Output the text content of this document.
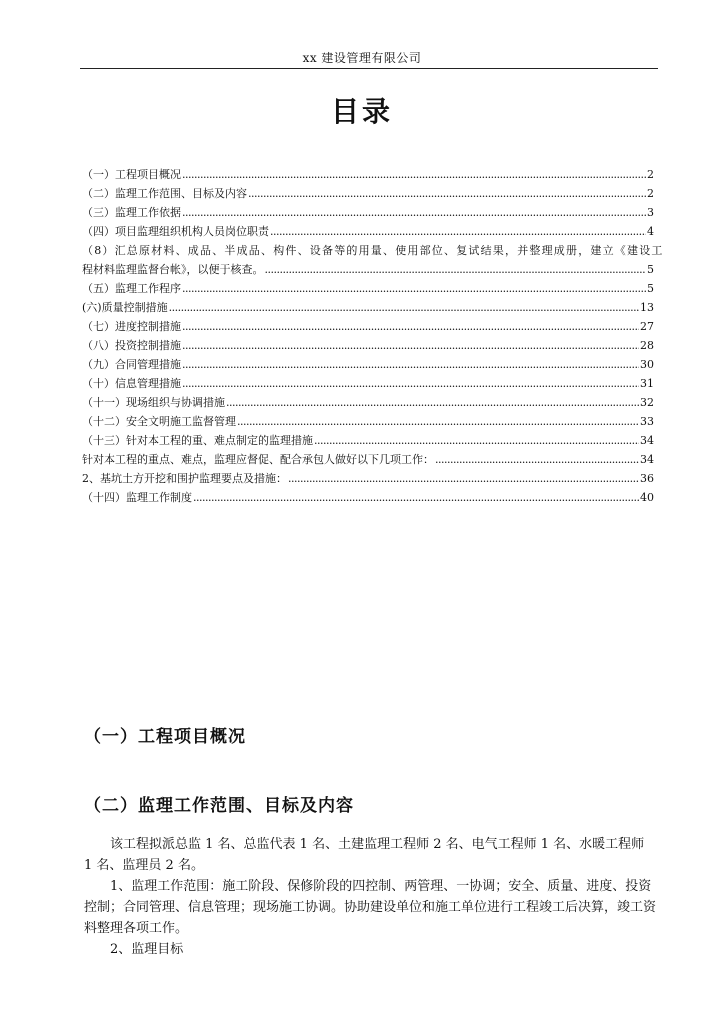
xx 建设管理有限公司
目录
（一）工程项目概况 .....	2
（二）监理工作范围、目标及内容 .....	2
（三）监理工作依据 .....	3
（四）项目监理组织机构人员岗位职责 .....	4
（8）汇总原材料、成品、半成品、构件、设备等的用量、使用部位、复试结果，并整理成册，建立《建设工
程材料监理监督台帐》，以便于核查。 .....	5
（五）监理工作程序 .....	5
(六)质量控制措施 .....	13
（七）进度控制措施 .....	27
（八）投资控制措施 .....	28
（九）合同管理措施 .....	30
（十）信息管理措施 .....	31
（十一）现场组织与协调措施 .....	32
（十二）安全文明施工监督管理 .....	33
（十三）针对本工程的重、难点制定的监理措施 .....	34
针对本工程的重点、难点，监理应督促、配合承包人做好以下几项工作： .....	34
2、基坑土方开挖和围护监理要点及措施： .....	36
（十四）监理工作制度 .....	40
（一）工程项目概况
（二）监理工作范围、目标及内容
该工程拟派总监 1 名、总监代表 1 名、土建监理工程师 2 名、电气工程师 1 名、水暖工程师 1 名、监理员 2 名。
1、监理工作范围：施工阶段、保修阶段的四控制、两管理、一协调；安全、质量、进度、投资控制；合同管理、信息管理；现场施工协调。协助建设单位和施工单位进行工程竣工后决算，竣工资料整理各项工作。
2、监理目标
